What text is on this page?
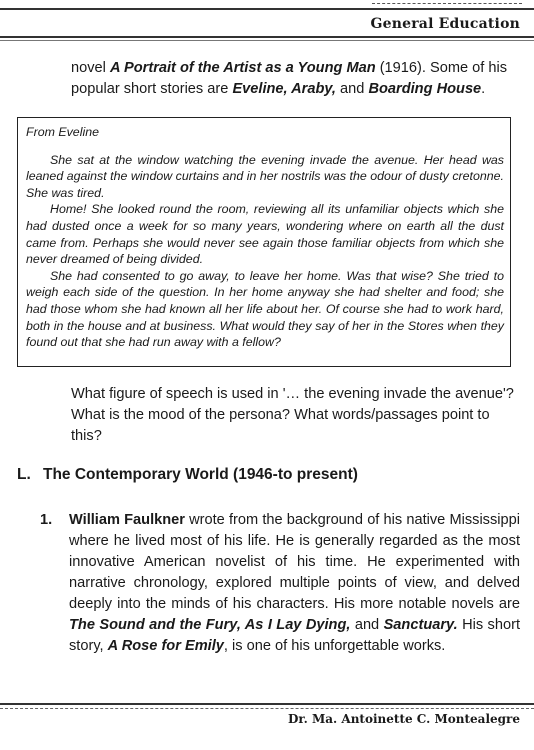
General Education
novel A Portrait of the Artist as a Young Man (1916). Some of his popular short stories are Eveline, Araby, and Boarding House.
From Eveline

She sat at the window watching the evening invade the avenue. Her head was leaned against the window curtains and in her nostrils was the odour of dusty cretonne. She was tired.

Home! She looked round the room, reviewing all its unfamiliar objects which she had dusted once a week for so many years, wondering where on earth all the dust came from. Perhaps she would never see again those familiar objects from which she never dreamed of being divided.

She had consented to go away, to leave her home. Was that wise? She tried to weigh each side of the question. In her home anyway she had shelter and food; she had those whom she had known all her life about her. Of course she had to work hard, both in the house and at business. What would they say of her in the Stores when they found out that she had run away with a fellow?

What figure of speech is used in '… the evening invade the avenue'? What is the mood of the persona? What words/passages point to this?
L. The Contemporary World (1946-to present)
1. William Faulkner wrote from the background of his native Mississippi where he lived most of his life. He is generally regarded as the most innovative American novelist of his time. He experimented with narrative chronology, explored multiple points of view, and delved deeply into the minds of his characters. His more notable novels are The Sound and the Fury, As I Lay Dying, and Sanctuary. His short story, A Rose for Emily, is one of his unforgettable works.
Dr. Ma. Antoinette C. Montealegre
